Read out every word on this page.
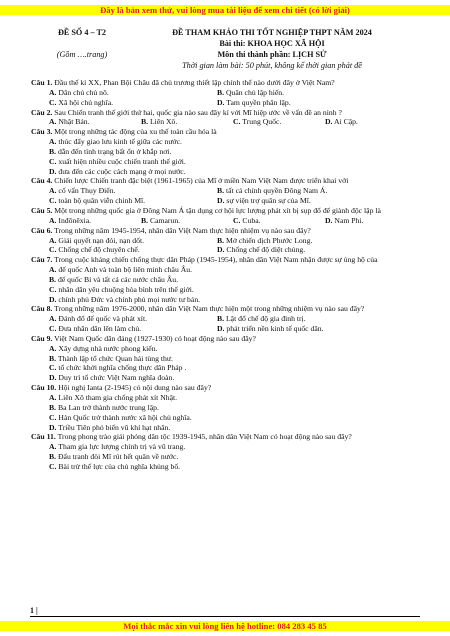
Đây là bản xem thử, vui lòng mua tài liệu để xem chi tiết (có lời giải)
ĐỀ SỐ 4 – T2	ĐỀ THAM KHẢO THI TỐT NGHIỆP THPT NĂM 2024
Bài thi: KHOA HỌC XÃ HỘI
(Gồm ….trang)	Môn thi thành phần: LỊCH SỬ
Thời gian làm bài: 50 phút, không kể thời gian phát đề
Câu 1. Đầu thế kỉ XX, Phan Bội Châu đã chủ trương thiết lập chính thể nào dưới đây ở Việt Nam?
A. Dân chủ chủ nô.	B. Quân chủ lập hiến.
C. Xã hội chủ nghĩa.	D. Tam quyền phân lập.
Câu 2. Sau Chiến tranh thế giới thứ hai, quốc gia nào sau đây kí với Mĩ hiệp ước về vấn đề an ninh ?
A. Nhật Bản.	B. Liên Xô.	C. Trung Quốc.	D. Ai Cập.
Câu 3. Một trong những tác động của xu thế toàn cầu hóa là
A. thúc đẩy giao lưu kinh tế giữa các nước.
B. dẫn đến tình trạng bất ổn ở khắp nơi.
C. xuất hiện nhiều cuộc chiến tranh thế giới.
D. đưa đến các cuộc cách mạng ở mọi nước.
Câu 4. Chiến lược Chiến tranh đặc biệt (1961-1965) của Mĩ ở miền Nam Việt Nam được triển khai với
A. cố vấn Thụy Điển.	B. tất cả chính quyền Đông Nam Á.
C. toàn bộ quân viễn chinh Mĩ.	D. sự viện trợ quân sự của Mĩ.
Câu 5. Một trong những quốc gia ở Đông Nam Á tận dụng cơ hội lực lượng phát xít bị sụp đổ để giành độc lập là
A. Inđônêxia.	B. Camarun.	C. Cuba.	D. Nam Phi.
Câu 6. Trong những năm 1945-1954, nhân dân Việt Nam thực hiện nhiệm vụ nào sau đây?
A. Giải quyết nạn đói, nạn dốt.	B. Mở chiến dịch Phước Long.
C. Chống chế độ chuyên chế.	D. Chống chế độ diệt chủng.
Câu 7. Trong cuộc kháng chiến chống thực dân Pháp (1945-1954), nhân dân Việt Nam nhận được sự ủng hộ của
A. đế quốc Anh và toàn bộ liên minh châu Âu.
B. đế quốc Bỉ và tất cả các nước châu Âu.
C. nhân dân yêu chuộng hòa bình trên thế giới.
D. chính phủ Đức và chính phủ mọi nước tư bản.
Câu 8. Trong những năm 1976-2000, nhân dân Việt Nam thực hiện một trong những nhiệm vụ nào sau đây?
A. Đánh đổ đế quốc và phát xít.	B. Lật đổ chế độ gia đình trị.
C. Đưa nhân dân lên làm chủ.	D. phát triển nền kinh tế quốc dân.
Câu 9. Việt Nam Quốc dân đảng (1927-1930) có hoạt động nào sau đây?
A. Xây dựng nhà nước phong kiến.
B. Thành lập tổ chức Quan hải tùng thư.
C. tổ chức khởi nghĩa chống thực dân Pháp .
D. Duy trì tổ chức Việt Nam nghĩa đoàn.
Câu 10. Hội nghị Ianta (2-1945) có nội dung nào sau đây?
A. Liên Xô tham gia chống phát xít Nhật.
B. Ba Lan trở thành nước trung lập.
C. Hàn Quốc trở thành nước xã hội chủ nghĩa.
D. Triều Tiên phỏ biến vũ khí hạt nhân.
Câu 11. Trong phong trào giải phóng dân tộc 1939-1945, nhân dân Việt Nam có hoạt động nào sau đây?
A. Tham gia lực lượng chính trị và vũ trang.
B. Đấu tranh đòi Mĩ rút hết quân về nước.
C. Bài trừ thế lực của chủ nghĩa khủng bố.
1 |
Mọi thắc mắc xin vui lòng liên hệ hotline: 084 283 45 85
